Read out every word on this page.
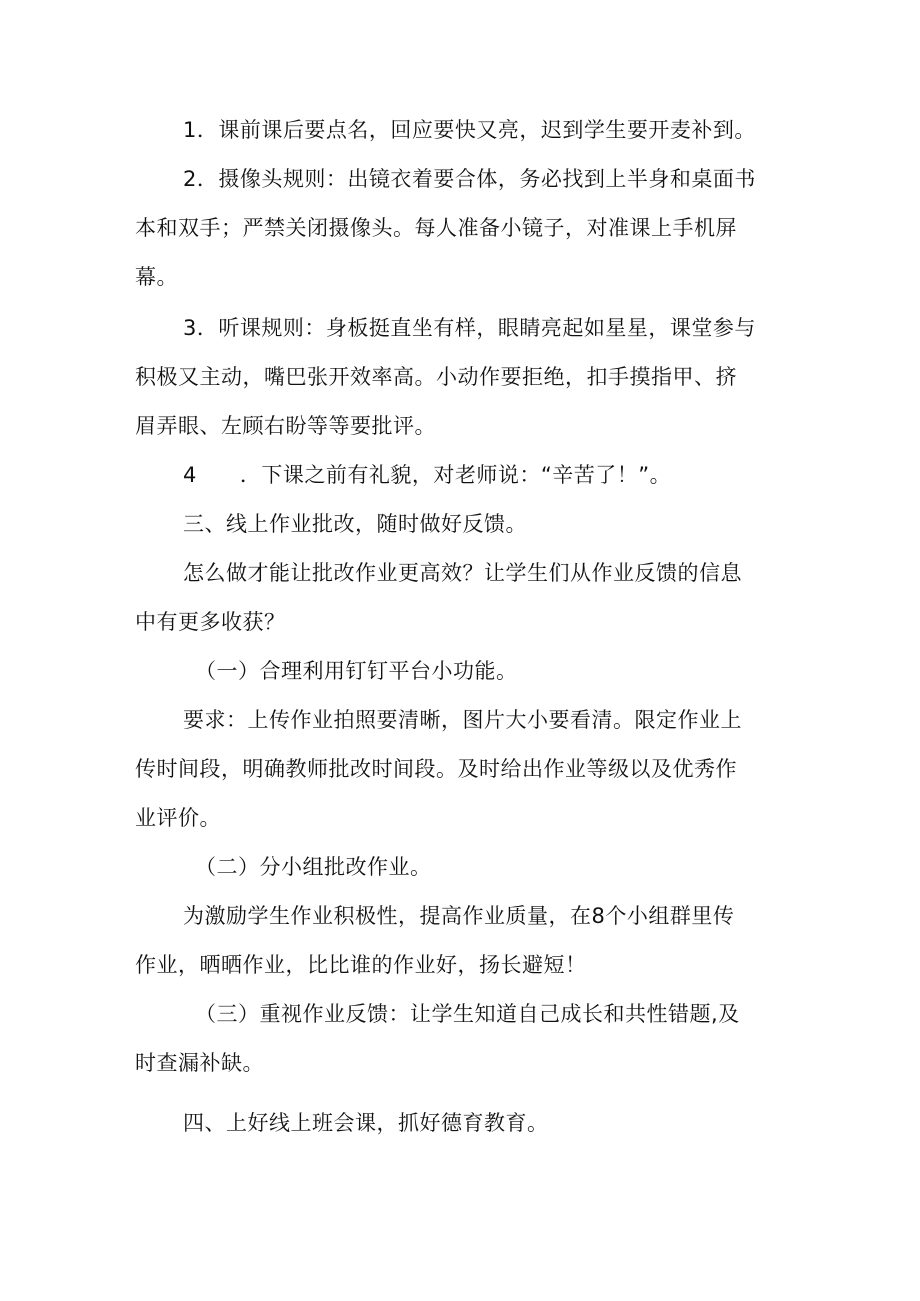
1．课前课后要点名，回应要快又亮，迟到学生要开麦补到。
2．摄像头规则：出镜衣着要合体，务必找到上半身和桌面书
本和双手；严禁关闭摄像头。每人准备小镜子，对准课上手机屏
幕。
3．听课规则：身板挺直坐有样，眼睛亮起如星星，课堂参与
积极又主动，嘴巴张开效率高。小动作要拒绝，扣手摸指甲、挤
眉弄眼、左顾右盼等等要批评。
4　　．下课之前有礼貌，对老师说：“辛苦了！”。
三、线上作业批改，随时做好反馈。
怎么做才能让批改作业更高效？让学生们从作业反馈的信息
中有更多收获？
（一）合理利用钉钉平台小功能。
要求：上传作业拍照要清晰，图片大小要看清。限定作业上
传时间段，明确教师批改时间段。及时给出作业等级以及优秀作
业评价。
（二）分小组批改作业。
为激励学生作业积极性，提高作业质量，在8个小组群里传
作业，晒晒作业，比比谁的作业好，扬长避短！
（三）重视作业反馈：让学生知道自己成长和共性错题,及
时查漏补缺。
四、上好线上班会课，抓好德育教育。
